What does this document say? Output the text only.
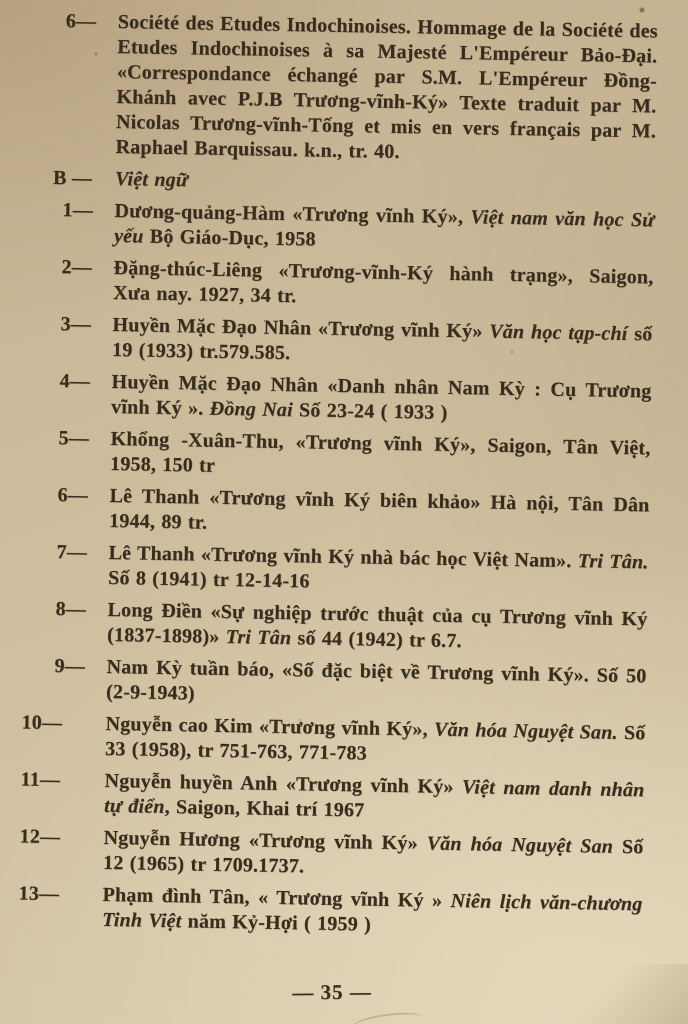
6—	Société des Etudes Indochinoises. Hommage de la Société des Etudes Indochinoises à sa Majesté L'Empéreur Bảo-Đại. «Correspondance échangé par S.M. L'Empéreur Đồng-Khánh avec P.J.B Trương-vĩnh-Ký» Texte traduit par M. Nicolas Trương-vĩnh-Tống et mis en vers français par M. Raphael Barquissau. k.n., tr. 40.
B —	Việt ngữ
1—	Dương-quảng-Hàm «Trương vĩnh Ký», Việt nam văn học Sử yếu Bộ Giáo-Dục, 1958
2—	Đặng-thúc-Liêng «Trương-vĩnh-Ký hành trạng», Saigon, Xưa nay. 1927, 34 tr.
3—	Huyền Mặc Đạo Nhân «Trương vĩnh Ký» Văn học tạp-chí số 19 (1933) tr.579.585.
4—	Huyền Mặc Đạo Nhân «Danh nhân Nam Kỳ : Cụ Trương vĩnh Ký ». Đồng Nai Số 23-24 ( 1933 )
5—	Khổng -Xuân-Thu, «Trương vĩnh Ký», Saigon, Tân Việt, 1958, 150 tr
6—	Lê Thanh «Trương vĩnh Ký biên khảo» Hà nội, Tân Dân 1944, 89 tr.
7—	Lê Thanh «Trương vĩnh Ký nhà bác học Việt Nam». Tri Tân. Số 8 (1941) tr 12-14-16
8—	Long Điền «Sự nghiệp trước thuật của cụ Trương vĩnh Ký (1837-1898)» Tri Tân số 44 (1942) tr 6.7.
9—	Nam Kỳ tuần báo, «Số đặc biệt về Trương vĩnh Ký». Số 50 (2-9-1943)
10—	Nguyễn cao Kim «Trương vĩnh Ký», Văn hóa Nguyệt San. Số 33 (1958), tr 751-763, 771-783
11—	Nguyễn huyền Anh «Trương vĩnh Ký» Việt nam danh nhân tự điển, Saigon, Khai trí 1967
12—	Nguyễn Hương «Trương vĩnh Ký» Văn hóa Nguyệt San Số 12 (1965) tr 1709.1737.
13—	Phạm đình Tân, « Trương vĩnh Ký » Niên lịch văn-chương Tinh Việt năm Kỷ-Hợi ( 1959 )
— 35 —
